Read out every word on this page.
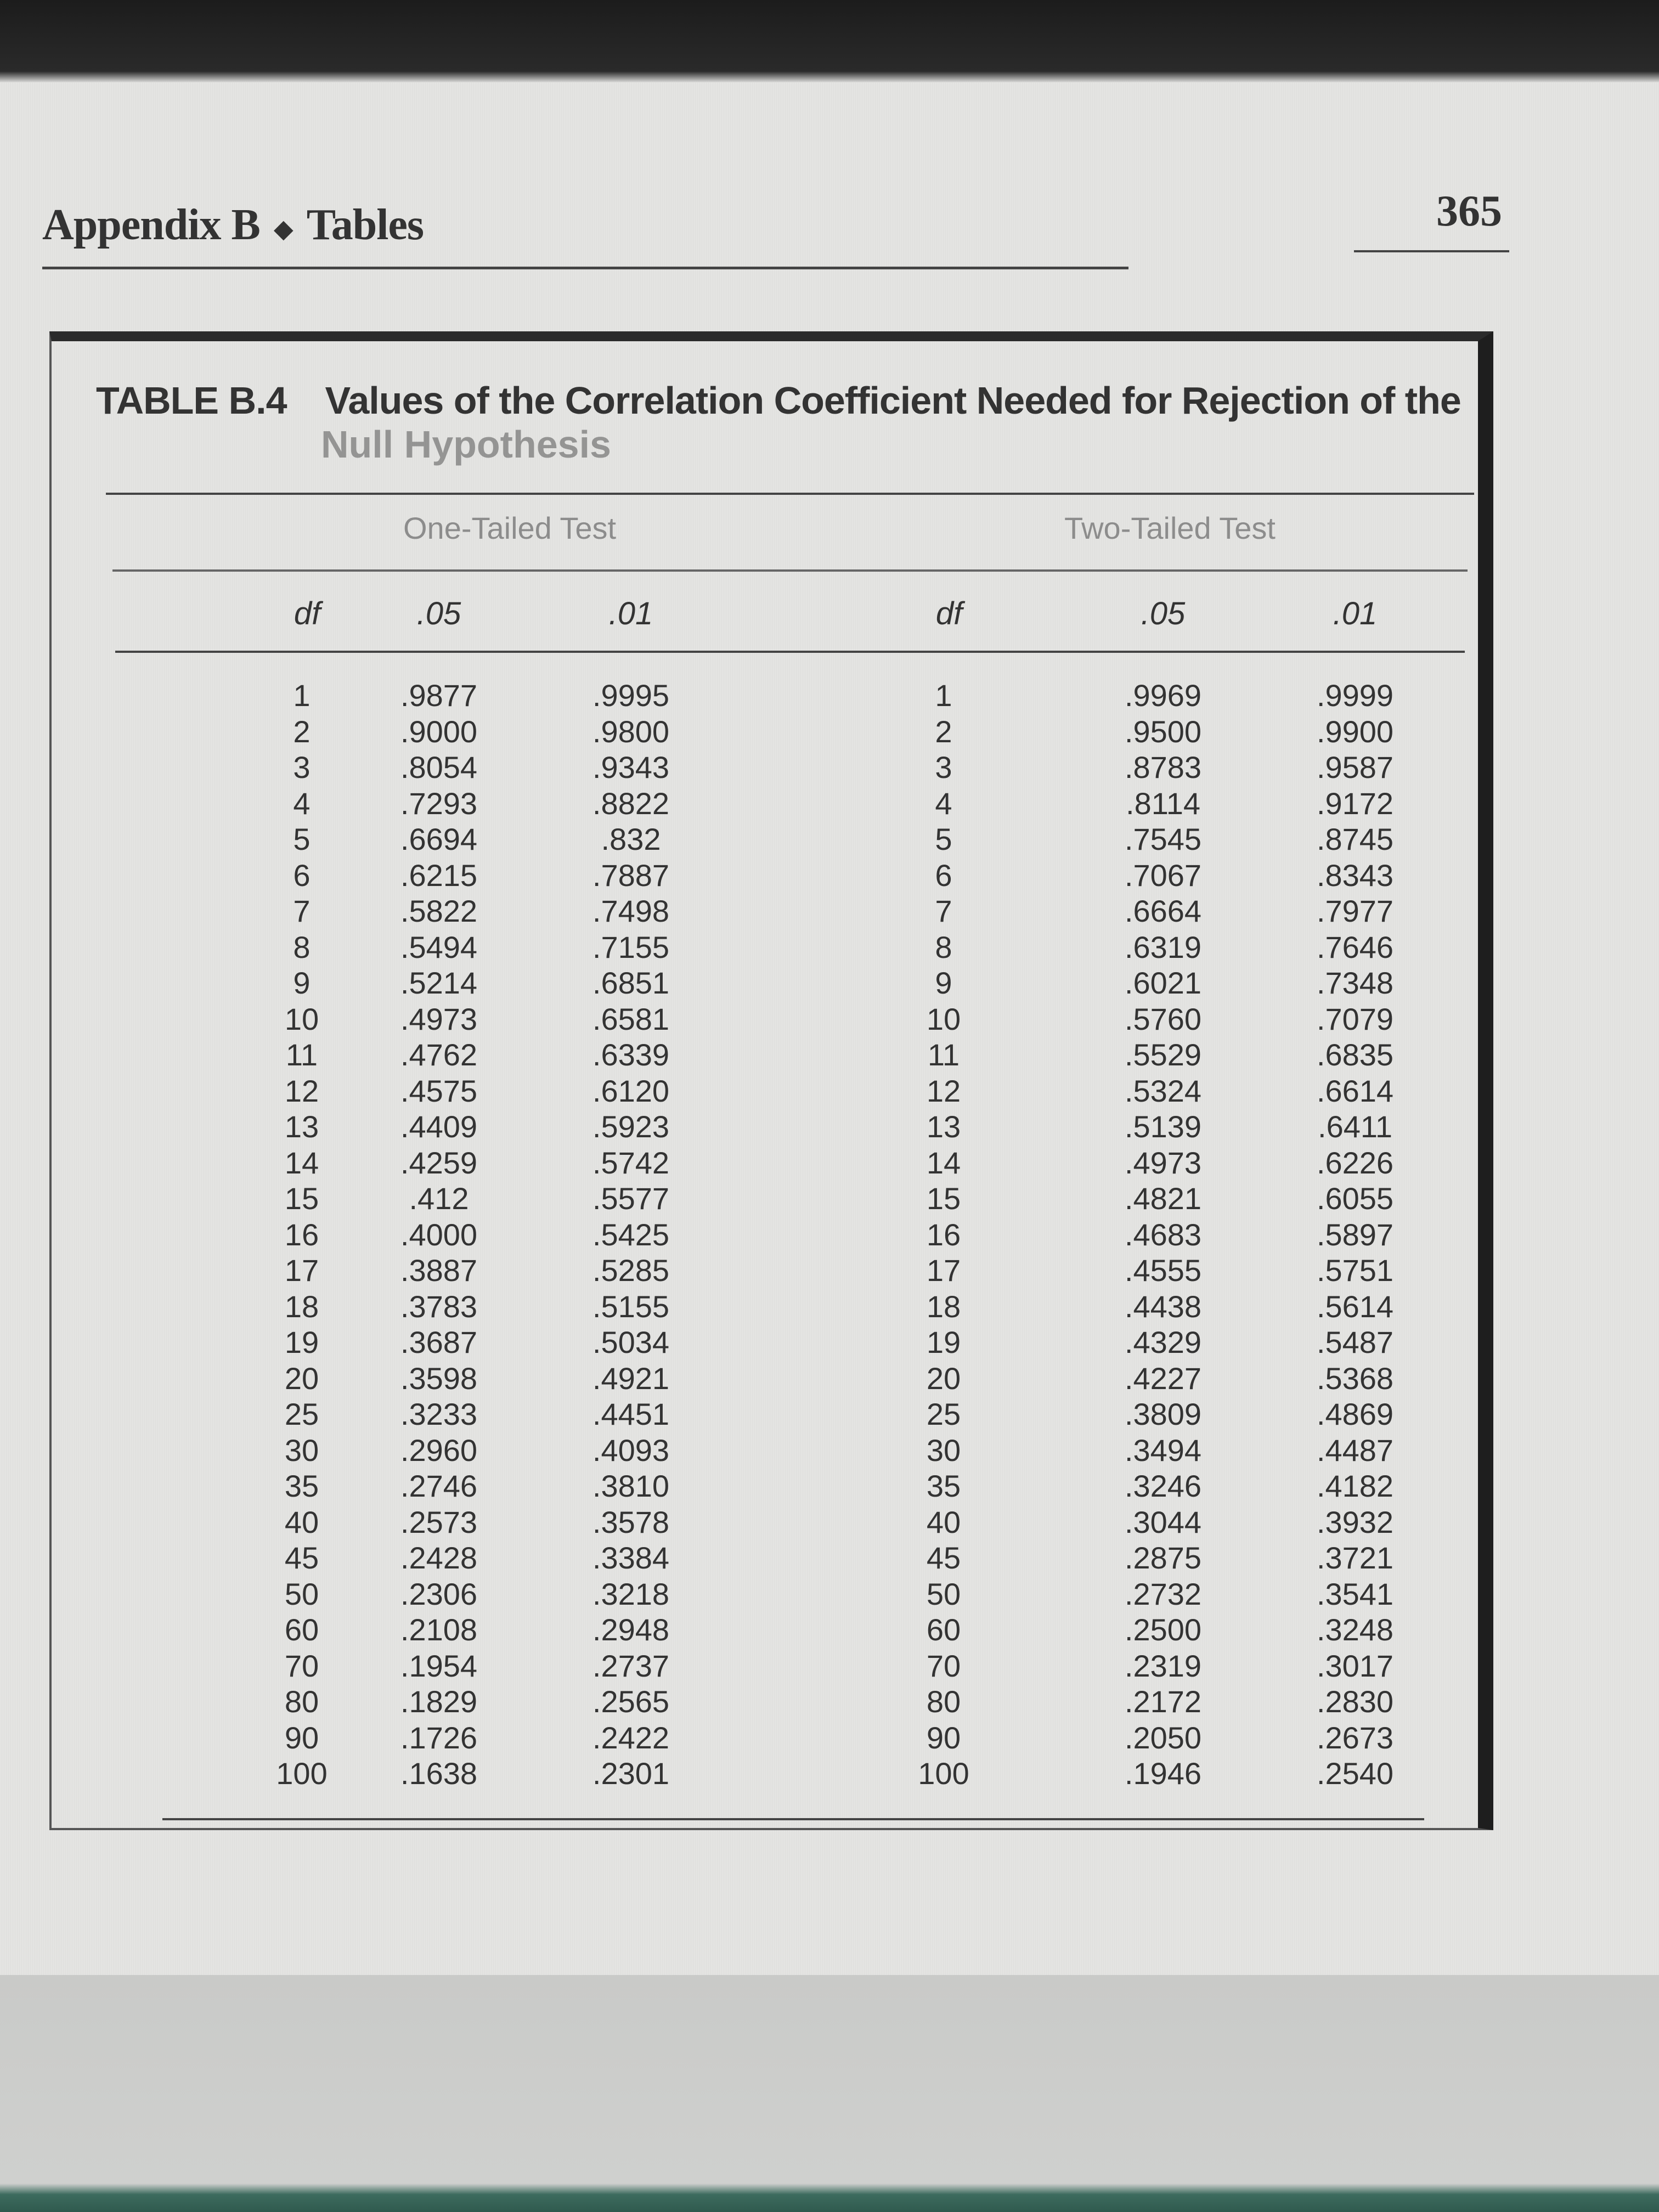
Appendix B ◆ Tables	365
TABLE B.4 Values of the Correlation Coefficient Needed for Rejection of the
Null Hypothesis
One-Tailed Test	Two-Tailed Test
df	.05	.01	df	.05	.01
1	.9877	.9995	1	.9969	.9999
2	.9000	.9800	2	.9500	.9900
3	.8054	.9343	3	.8783	.9587
4	.7293	.8822	4	.8114	.9172
5	.6694	.832	5	.7545	.8745
6	.6215	.7887	6	.7067	.8343
7	.5822	.7498	7	.6664	.7977
8	.5494	.7155	8	.6319	.7646
9	.5214	.6851	9	.6021	.7348
10	.4973	.6581	10	.5760	.7079
11	.4762	.6339	11	.5529	.6835
12	.4575	.6120	12	.5324	.6614
13	.4409	.5923	13	.5139	.6411
14	.4259	.5742	14	.4973	.6226
15	.412	.5577	15	.4821	.6055
16	.4000	.5425	16	.4683	.5897
17	.3887	.5285	17	.4555	.5751
18	.3783	.5155	18	.4438	.5614
19	.3687	.5034	19	.4329	.5487
20	.3598	.4921	20	.4227	.5368
25	.3233	.4451	25	.3809	.4869
30	.2960	.4093	30	.3494	.4487
35	.2746	.3810	35	.3246	.4182
40	.2573	.3578	40	.3044	.3932
45	.2428	.3384	45	.2875	.3721
50	.2306	.3218	50	.2732	.3541
60	.2108	.2948	60	.2500	.3248
70	.1954	.2737	70	.2319	.3017
80	.1829	.2565	80	.2172	.2830
90	.1726	.2422	90	.2050	.2673
100 .1638	.2301	100	.1946	.2540
